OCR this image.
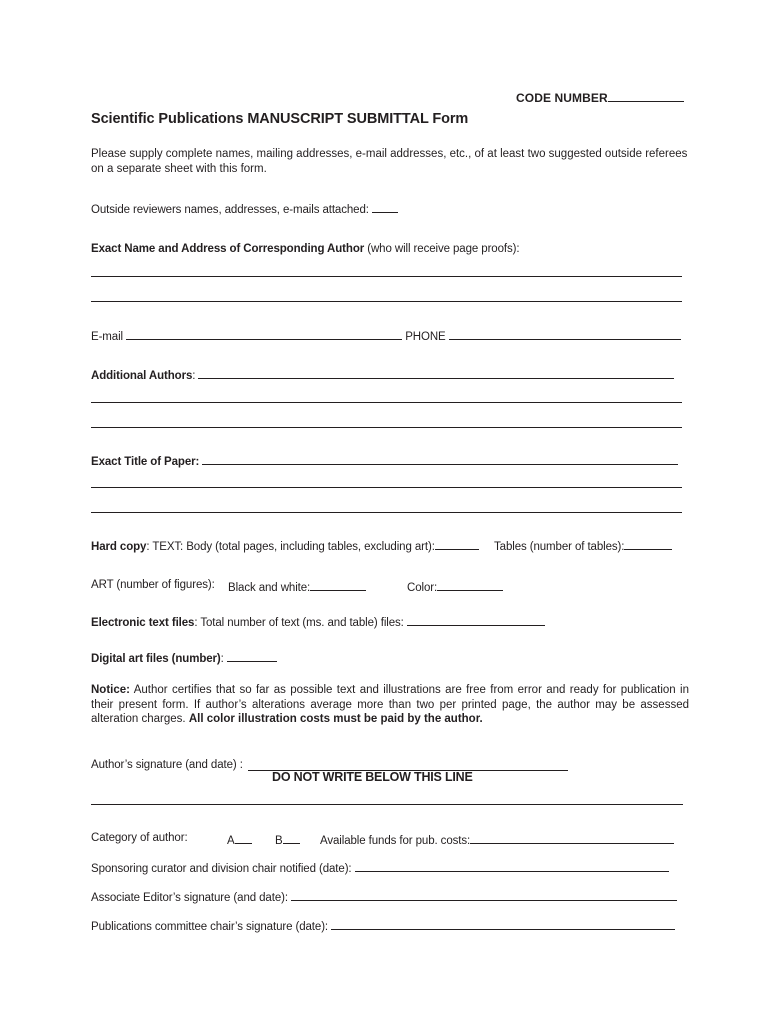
CODE NUMBER
Scientific Publications MANUSCRIPT SUBMITTAL Form
Please supply complete names, mailing addresses, e-mail addresses, etc., of at least two suggested outside referees on a separate sheet with this form.
Outside reviewers names, addresses, e-mails attached:
Exact Name and Address of Corresponding Author (who will receive page proofs):
E-mail	PHONE
Additional Authors:
Exact Title of Paper:
Hard copy: TEXT: Body (total pages, including tables, excluding art):	Tables (number of tables):
ART (number of figures): Black and white:	Color:
Electronic text files: Total number of text (ms. and table) files:
Digital art files (number):
Notice: Author certifies that so far as possible text and illustrations are free from error and ready for publication in their present form. If author’s alterations average more than two per printed page, the author may be assessed alteration charges. All color illustration costs must be paid by the author.
Author’s signature (and date) :
DO NOT WRITE BELOW THIS LINE
Category of author:	A	B	Available funds for pub. costs:
Sponsoring curator and division chair notified (date):
Associate Editor’s signature (and date):
Publications committee chair’s signature (date):
